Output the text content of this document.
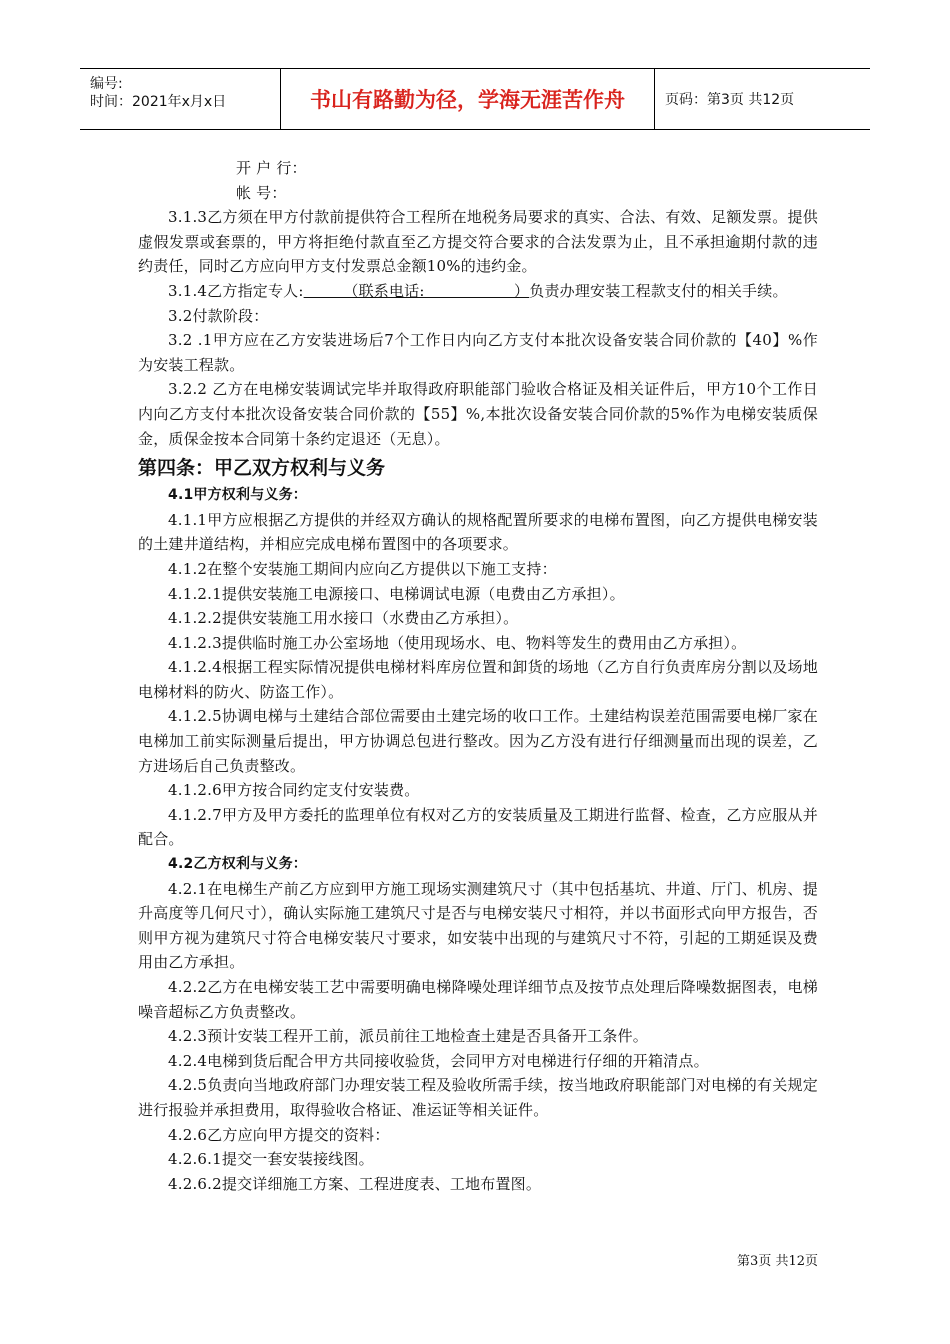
编号:
时间：2021年x月x日	书山有路勤为径，学海无涯苦作舟	页码：第3页 共12页

开 户 行：

帐 号：

3.1.3乙方须在甲方付款前提供符合工程所在地税务局要求的真实、合法、有效、足额发票。提供虚假发票或套票的，甲方将拒绝付款直至乙方提交符合要求的合法发票为止，且不承担逾期付款的违约责任，同时乙方应向甲方支付发票总金额10%的违约金。

3.1.4乙方指定专人:        （联系电话:                  ）负责办理安装工程款支付的相关手续。

3.2付款阶段：

3.2 .1甲方应在乙方安装进场后7个工作日内向乙方支付本批次设备安装合同价款的【40】%作为安装工程款。

3.2.2 乙方在电梯安装调试完毕并取得政府职能部门验收合格证及相关证件后，甲方10个工作日内向乙方支付本批次设备安装合同价款的【55】%,本批次设备安装合同价款的5%作为电梯安装质保金，质保金按本合同第十条约定退还（无息）。

第四条：甲乙双方权利与义务

4.1甲方权利与义务：

4.1.1甲方应根据乙方提供的并经双方确认的规格配置所要求的电梯布置图，向乙方提供电梯安装的土建井道结构，并相应完成电梯布置图中的各项要求。

4.1.2在整个安装施工期间内应向乙方提供以下施工支持：

4.1.2.1提供安装施工电源接口、电梯调试电源（电费由乙方承担）。

4.1.2.2提供安装施工用水接口（水费由乙方承担）。

4.1.2.3提供临时施工办公室场地（使用现场水、电、物料等发生的费用由乙方承担）。

4.1.2.4根据工程实际情况提供电梯材料库房位置和卸货的场地（乙方自行负责库房分割以及场地电梯材料的防火、防盗工作）。

4.1.2.5协调电梯与土建结合部位需要由土建完场的收口工作。土建结构误差范围需要电梯厂家在电梯加工前实际测量后提出，甲方协调总包进行整改。因为乙方没有进行仔细测量而出现的误差，乙方进场后自己负责整改。

4.1.2.6甲方按合同约定支付安装费。

4.1.2.7甲方及甲方委托的监理单位有权对乙方的安装质量及工期进行监督、检查，乙方应服从并配合。

4.2乙方权利与义务：

4.2.1在电梯生产前乙方应到甲方施工现场实测建筑尺寸（其中包括基坑、井道、厅门、机房、提升高度等几何尺寸），确认实际施工建筑尺寸是否与电梯安装尺寸相符，并以书面形式向甲方报告，否则甲方视为建筑尺寸符合电梯安装尺寸要求，如安装中出现的与建筑尺寸不符，引起的工期延误及费用由乙方承担。

4.2.2乙方在电梯安装工艺中需要明确电梯降噪处理详细节点及按节点处理后降噪数据图表，电梯噪音超标乙方负责整改。

4.2.3预计安装工程开工前，派员前往工地检查土建是否具备开工条件。

4.2.4电梯到货后配合甲方共同接收验货，会同甲方对电梯进行仔细的开箱清点。

4.2.5负责向当地政府部门办理安装工程及验收所需手续，按当地政府职能部门对电梯的有关规定进行报验并承担费用，取得验收合格证、准运证等相关证件。

4.2.6乙方应向甲方提交的资料：

4.2.6.1提交一套安装接线图。

4.2.6.2提交详细施工方案、工程进度表、工地布置图。

第3页 共12页
